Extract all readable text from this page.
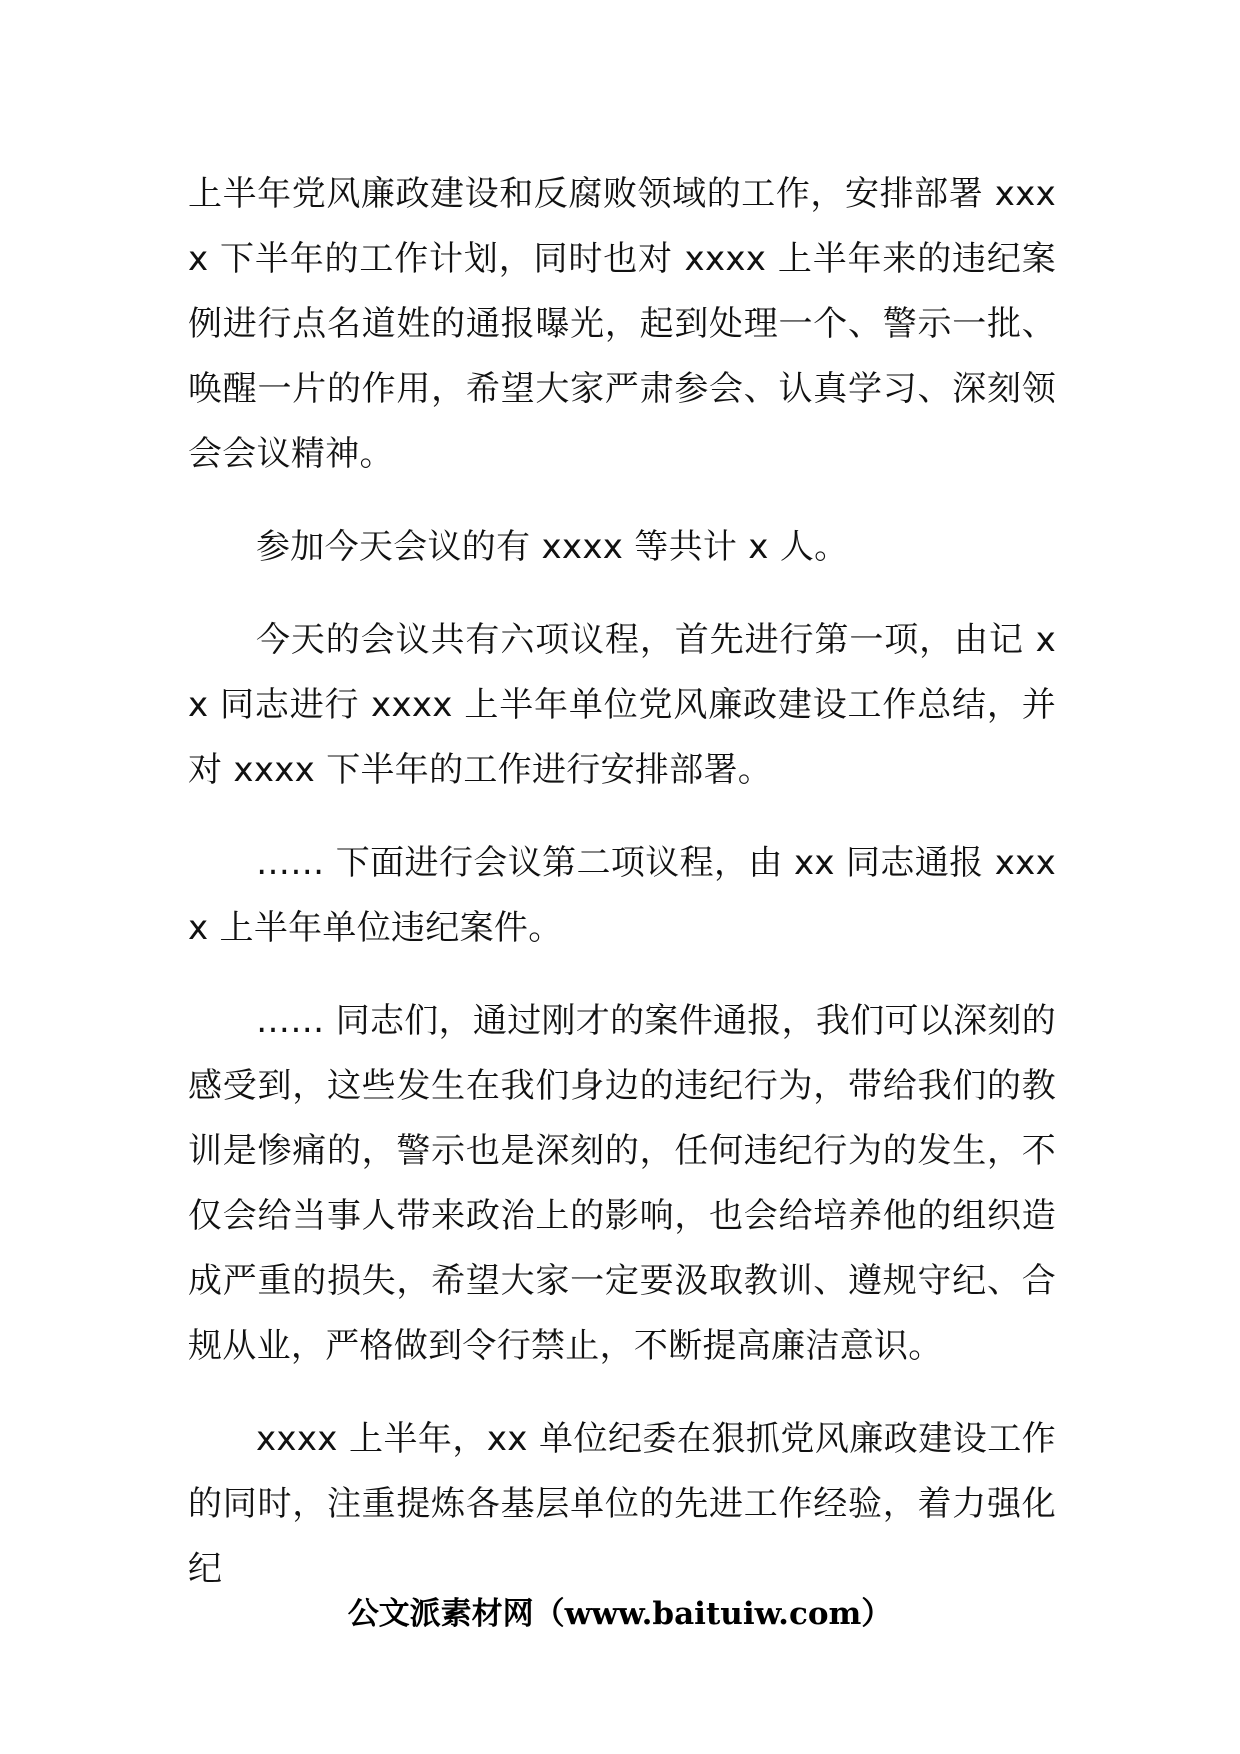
上半年党风廉政建设和反腐败领域的工作，安排部署 xxxx 下半年的工作计划，同时也对 xxxx 上半年来的违纪案例进行点名道姓的通报曝光，起到处理一个、警示一批、唤醒一片的作用，希望大家严肃参会、认真学习、深刻领会会议精神。

参加今天会议的有 xxxx 等共计 x 人。

今天的会议共有六项议程，首先进行第一项，由记 xx 同志进行 xxxx 上半年单位党风廉政建设工作总结，并对 xxxx 下半年的工作进行安排部署。

…… 下面进行会议第二项议程，由 xx 同志通报 xxxx 上半年单位违纪案件。

…… 同志们，通过刚才的案件通报，我们可以深刻的感受到，这些发生在我们身边的违纪行为，带给我们的教训是惨痛的，警示也是深刻的，任何违纪行为的发生，不仅会给当事人带来政治上的影响，也会给培养他的组织造成严重的损失，希望大家一定要汲取教训、遵规守纪、合规从业，严格做到令行禁止，不断提高廉洁意识。

xxxx 上半年，xx 单位纪委在狠抓党风廉政建设工作的同时，注重提炼各基层单位的先进工作经验，着力强化纪

公文派素材网（www.baituiw.com）
